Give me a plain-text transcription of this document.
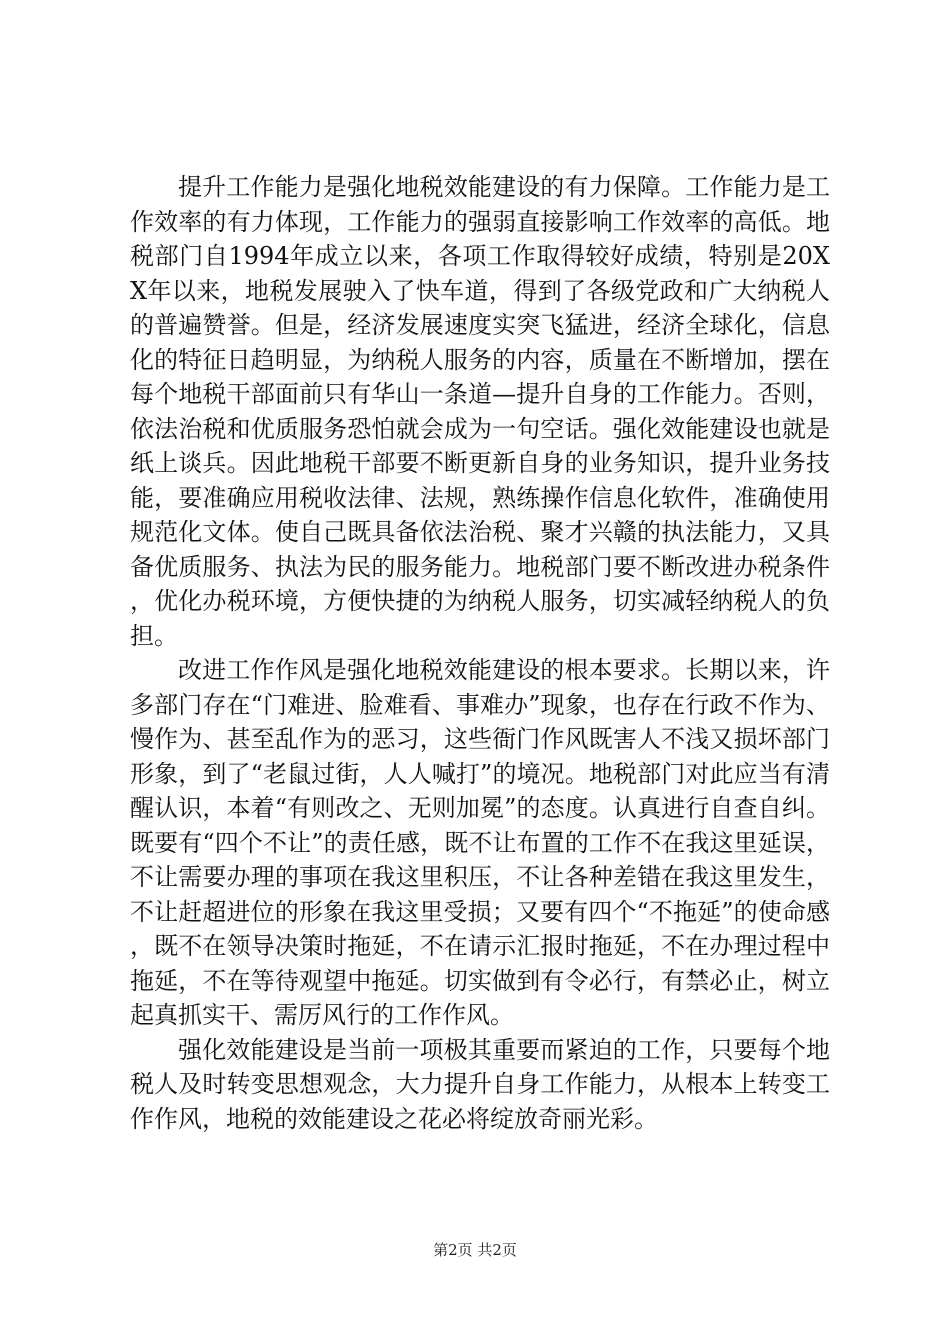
提升工作能力是强化地税效能建设的有力保障。工作能力是工作效率的有力体现，工作能力的强弱直接影响工作效率的高低。地税部门自1994年成立以来，各项工作取得较好成绩，特别是20XX年以来，地税发展驶入了快车道，得到了各级党政和广大纳税人的普遍赞誉。但是，经济发展速度实突飞猛进，经济全球化，信息化的特征日趋明显，为纳税人服务的内容，质量在不断增加，摆在每个地税干部面前只有华山一条道—提升自身的工作能力。否则，依法治税和优质服务恐怕就会成为一句空话。强化效能建设也就是纸上谈兵。因此地税干部要不断更新自身的业务知识，提升业务技能，要准确应用税收法律、法规，熟练操作信息化软件，准确使用规范化文体。使自己既具备依法治税、聚才兴赣的执法能力，又具备优质服务、执法为民的服务能力。地税部门要不断改进办税条件，优化办税环境，方便快捷的为纳税人服务，切实减轻纳税人的负担。

改进工作作风是强化地税效能建设的根本要求。长期以来，许多部门存在“门难进、脸难看、事难办”现象，也存在行政不作为、慢作为、甚至乱作为的恶习，这些衙门作风既害人不浅又损坏部门形象，到了“老鼠过街，人人喊打”的境况。地税部门对此应当有清醒认识，本着“有则改之、无则加冕”的态度。认真进行自查自纠。既要有“四个不让”的责任感，既不让布置的工作不在我这里延误，不让需要办理的事项在我这里积压，不让各种差错在我这里发生，不让赶超进位的形象在我这里受损；又要有四个“不拖延”的使命感，既不在领导决策时拖延，不在请示汇报时拖延，不在办理过程中拖延，不在等待观望中拖延。切实做到有令必行，有禁必止，树立起真抓实干、需厉风行的工作作风。

强化效能建设是当前一项极其重要而紧迫的工作，只要每个地税人及时转变思想观念，大力提升自身工作能力，从根本上转变工作作风，地税的效能建设之花必将绽放奇丽光彩。

第2页 共2页
